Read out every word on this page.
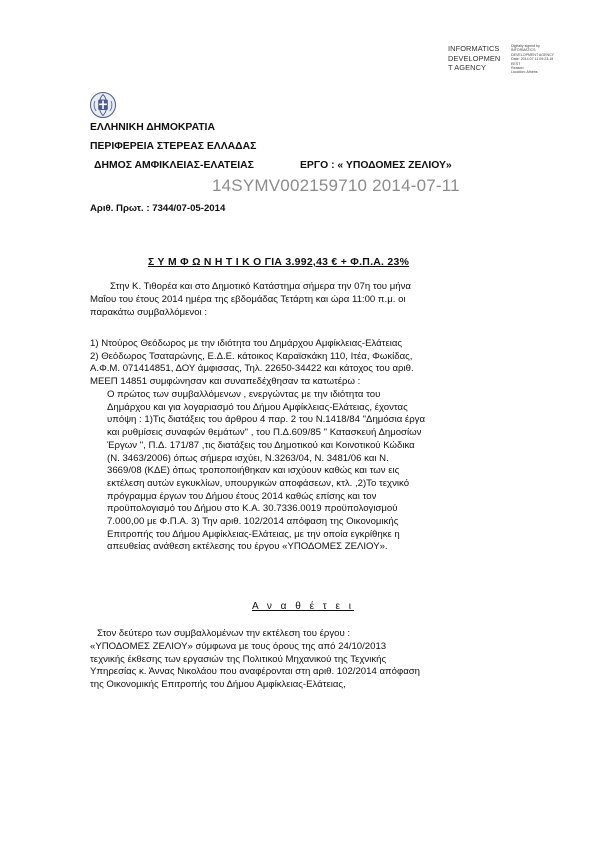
INFORMATICS
DEVELOPMEN
T AGENCY
Digitally signed by
INFORMATICS
DEVELOPMENT AGENCY
Date: 2014.07.11 09:23:18
EEST
Reason:
Location: Athens
ΕΛΛΗΝΙΚΗ ΔΗΜΟΚΡΑΤΙΑ
ΠΕΡΙΦΕΡΕΙΑ ΣΤΕΡΕΑΣ ΕΛΛΑΔΑΣ
ΔΗΜΟΣ ΑΜΦΙΚΛΕΙΑΣ-ΕΛΑΤΕΙΑΣ	ΕΡΓΟ : « ΥΠΟΔΟΜΕΣ ΖΕΛΙΟΥ»
14SYMV002159710 2014-07-11
Αριθ. Πρωτ. : 7344/07-05-2014
Σ Υ Μ Φ Ω Ν Η Τ Ι Κ Ο ΓΙΑ 3.992,43 € + Φ.Π.Α. 23%
Στην Κ. Τιθορέα και στο Δημοτικό Κατάστημα σήμερα την 07η του μήνα
Μαΐου του έτους 2014 ημέρα της εβδομάδας Τετάρτη και ώρα 11:00 π.μ. οι
παρακάτω συμβαλλόμενοι :
1) Ντούρος Θεόδωρος με την ιδιότητα του Δημάρχου Αμφίκλειας-Ελάτειας
2) Θεόδωρος Τσαταρώνης, Ε.Δ.Ε. κάτοικος Καραϊσκάκη 110, Ιτέα, Φωκίδας,
Α.Φ.Μ. 071414851, ΔΟΥ άμφισσας, Τηλ. 22650-34422 και κάτοχος του αριθ.
ΜΕΕΠ 14851 συμφώνησαν και συναπεδέχθησαν τα κατωτέρω :
Ο πρώτος των συμβαλλόμενων , ενεργώντας με την ιδιότητα του
Δημάρχου και για λογαριασμό του Δήμου Αμφίκλειας-Ελάτειας, έχοντας
υπόψη : 1)Τις διατάξεις του άρθρου 4 παρ. 2 του Ν.1418/84 "Δημόσια έργα
και ρυθμίσεις συναφών θεμάτων" , του Π.Δ.609/85 " Κατασκευή Δημοσίων
Έργων ", Π.Δ. 171/87 ,τις διατάξεις του Δημοτικού και Κοινοτικού Κώδικα
(Ν. 3463/2006) όπως σήμερα ισχύει, Ν.3263/04, Ν. 3481/06 και Ν.
3669/08 (ΚΔΕ) όπως τροποποιήθηκαν και ισχύουν καθώς και των εις
εκτέλεση αυτών εγκυκλίων, υπουργικών αποφάσεων, κτλ. ,2)Το τεχνικό
πρόγραμμα έργων του Δήμου έτους 2014 καθώς επίσης και τον
προϋπολογισμό του Δήμου στο Κ.Α. 30.7336.0019 προϋπολογισμού
7.000,00 με Φ.Π.Α. 3) Την αριθ. 102/2014 απόφαση της Οικονομικής
Επιτροπής του Δήμου Αμφίκλειας-Ελάτειας, με την οποία εγκρίθηκε η
απευθείας ανάθεση εκτέλεσης του έργου «ΥΠΟΔΟΜΕΣ ΖΕΛΙΟΥ».
Α ν α θ έ τ ε ι
Στον δεύτερο των συμβαλλομένων την εκτέλεση του έργου :
«ΥΠΟΔΟΜΕΣ ΖΕΛΙΟΥ» σύμφωνα με τους όρους της από 24/10/2013
τεχνικής έκθεσης των εργασιών της Πολιτικού Μηχανικού της Τεχνικής
Υπηρεσίας κ. Άννας Νικολάου που αναφέρονται στη αριθ. 102/2014 απόφαση
της Οικονομικής Επιτροπής του Δήμου Αμφίκλειας-Ελάτειας,
